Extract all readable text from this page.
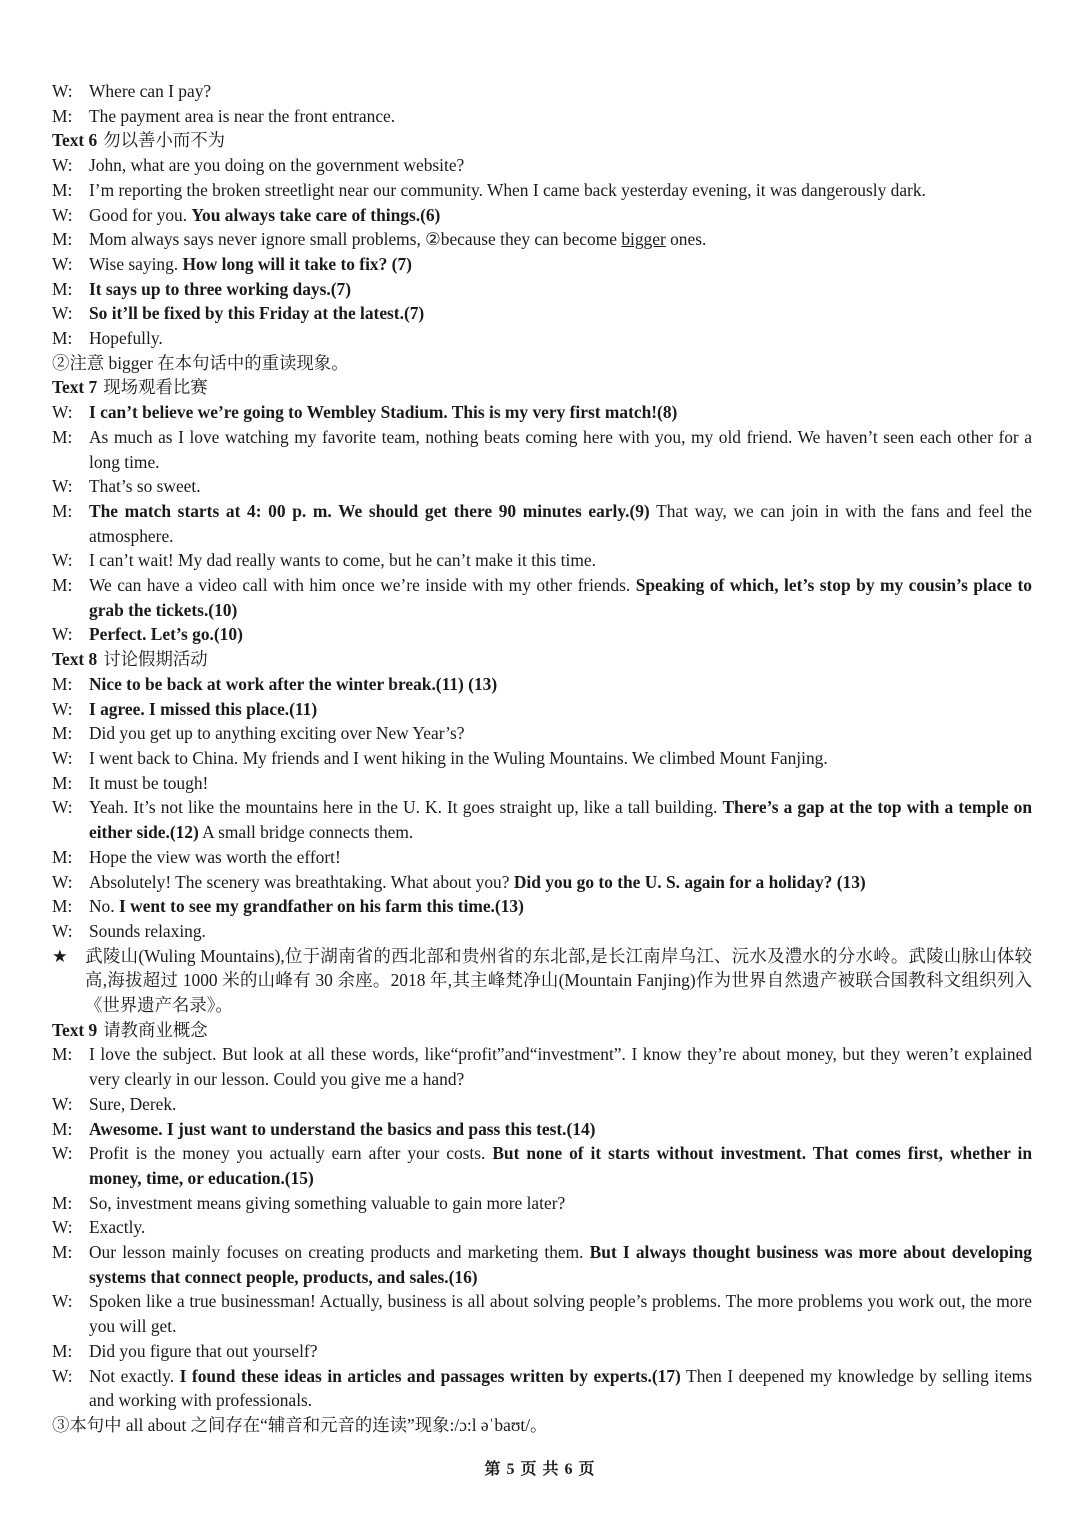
W: Where can I pay?
M: The payment area is near the front entrance.
Text 6 勿以善小而不为
W: John, what are you doing on the government website?
M: I’m reporting the broken streetlight near our community. When I came back yesterday evening, it was dangerously dark.
W: Good for you. You always take care of things.(6)
M: Mom always says never ignore small problems, ②because they can become bigger ones.
W: Wise saying. How long will it take to fix? (7)
M: It says up to three working days.(7)
W: So it’ll be fixed by this Friday at the latest.(7)
M: Hopefully.
②注意 bigger 在本句话中的重读现象。
Text 7 现场观看比赛
W: I can’t believe we’re going to Wembley Stadium. This is my very first match!(8)
M: As much as I love watching my favorite team, nothing beats coming here with you, my old friend. We haven’t seen each other for a long time.
W: That’s so sweet.
M: The match starts at 4: 00 p. m. We should get there 90 minutes early.(9) That way, we can join in with the fans and feel the atmosphere.
W: I can’t wait! My dad really wants to come, but he can’t make it this time.
M: We can have a video call with him once we’re inside with my other friends. Speaking of which, let’s stop by my cousin’s place to grab the tickets.(10)
W: Perfect. Let’s go.(10)
Text 8 讨论假期活动
M: Nice to be back at work after the winter break.(11) (13)
W: I agree. I missed this place.(11)
M: Did you get up to anything exciting over New Year’s?
W: I went back to China. My friends and I went hiking in the Wuling Mountains. We climbed Mount Fanjing.
M: It must be tough!
W: Yeah. It’s not like the mountains here in the U. K. It goes straight up, like a tall building. There’s a gap at the top with a temple on either side.(12) A small bridge connects them.
M: Hope the view was worth the effort!
W: Absolutely! The scenery was breathtaking. What about you? Did you go to the U. S. again for a holiday? (13)
M: No. I went to see my grandfather on his farm this time.(13)
W: Sounds relaxing.
★ 武陵山(Wuling Mountains),位于湖南省的西北部和贵州省的东北部,是长江南岸乌江、沅水及澧水的分水岭。武陵山脉山体较高,海拔超过 1000 米的山峰有 30 余座。2018 年,其主峰梵净山(Mountain Fanjing)作为世界自然遗产被联合国教科文组织列入《世界遗产名录》。
Text 9 请教商业概念
M: I love the subject. But look at all these words, like“profit”and“investment”. I know they’re about money, but they weren’t explained very clearly in our lesson. Could you give me a hand?
W: Sure, Derek.
M: Awesome. I just want to understand the basics and pass this test.(14)
W: Profit is the money you actually earn after your costs. But none of it starts without investment. That comes first, whether in money, time, or education.(15)
M: So, investment means giving something valuable to gain more later?
W: Exactly.
M: Our lesson mainly focuses on creating products and marketing them. But I always thought business was more about developing systems that connect people, products, and sales.(16)
W: Spoken like a true businessman! Actually, business is all about solving people’s problems. The more problems you work out, the more you will get.
M: Did you figure that out yourself?
W: Not exactly. I found these ideas in articles and passages written by experts.(17) Then I deepened my knowledge by selling items and working with professionals.
③本句中 all about 之间存在“辅音和元音的连读”现象:/ɔ:l əˈbaʊt/。
第 5 页 共 6 页
